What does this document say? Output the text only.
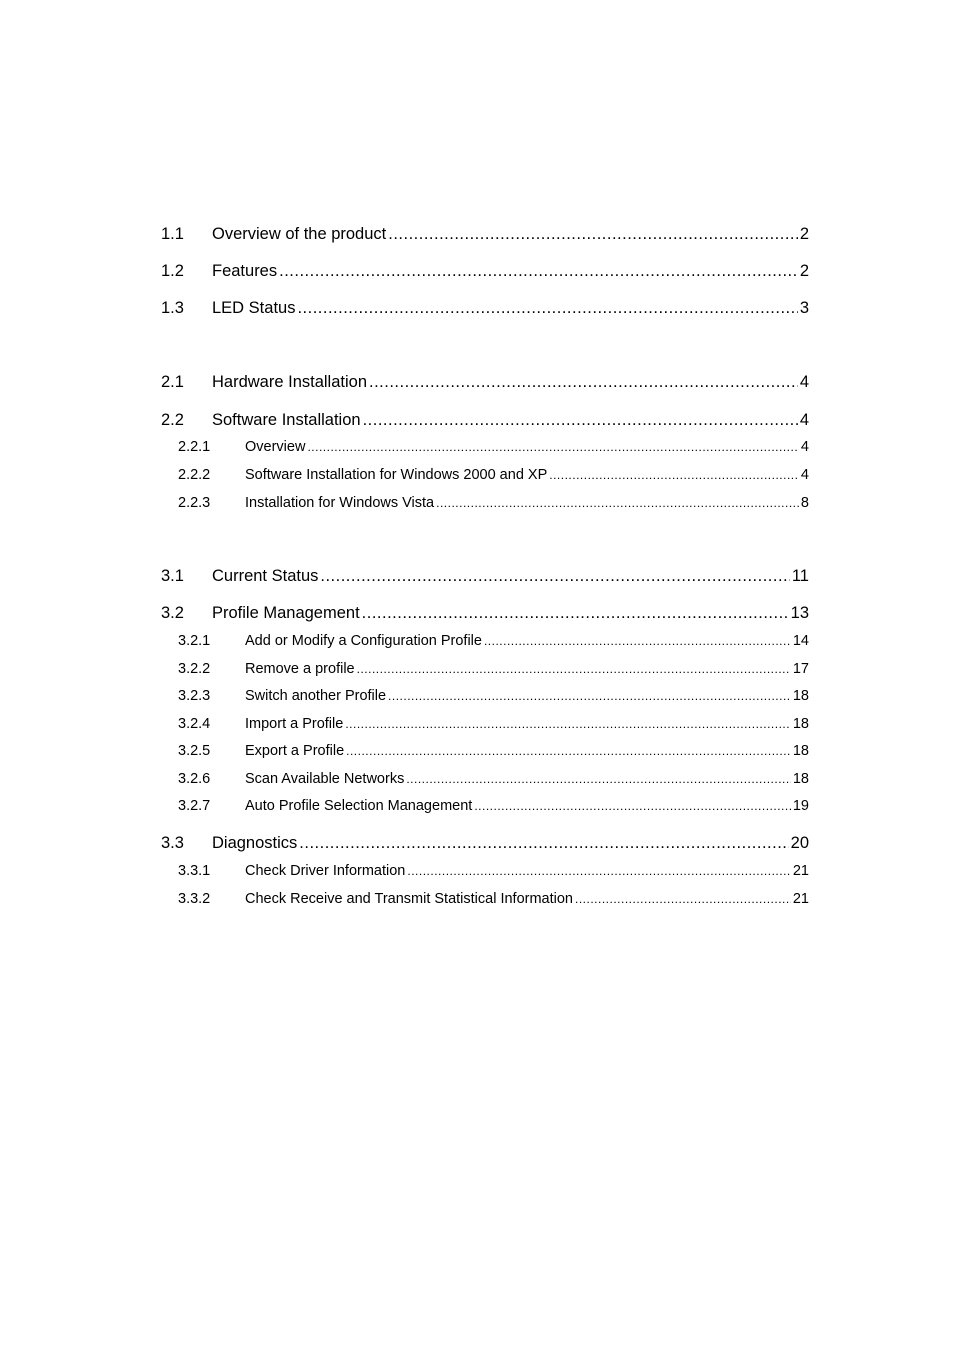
1.1	Overview of the product .....	2
1.2	Features .....	2
1.3	LED Status .....	3
2.1	Hardware Installation .....	4
2.2	Software Installation .....	4
2.2.1	Overview .....	4
2.2.2	Software Installation for Windows 2000 and XP .....	4
2.2.3	Installation for Windows Vista .....	8
3.1	Current Status .....	11
3.2	Profile Management .....	13
3.2.1	Add or Modify a Configuration Profile .....	14
3.2.2	Remove a profile .....	17
3.2.3	Switch another Profile .....	18
3.2.4	Import a Profile .....	18
3.2.5	Export a Profile .....	18
3.2.6	Scan Available Networks .....	18
3.2.7	Auto Profile Selection Management .....	19
3.3	Diagnostics .....	20
3.3.1	Check Driver Information .....	21
3.3.2	Check Receive and Transmit Statistical Information .....	21
